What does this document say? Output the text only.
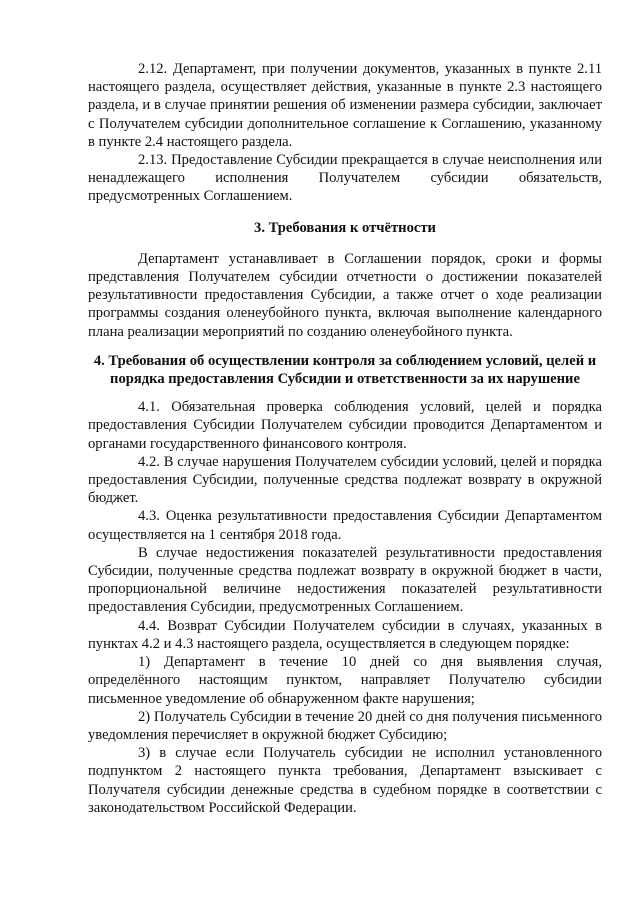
2.12. Департамент, при получении документов, указанных в пункте 2.11 настоящего раздела, осуществляет действия, указанные в пункте 2.3 настоящего раздела, и в случае принятии решения об изменении размера субсидии, заключает с Получателем субсидии дополнительное соглашение к Соглашению, указанному в пункте 2.4 настоящего раздела.

2.13. Предоставление Субсидии прекращается в случае неисполнения или ненадлежащего исполнения Получателем субсидии обязательств, предусмотренных Соглашением.

3. Требования к отчётности

Департамент устанавливает в Соглашении порядок, сроки и формы представления Получателем субсидии отчетности о достижении показателей результативности предоставления Субсидии, а также отчет о ходе реализации программы создания оленеубойного пункта, включая выполнение календарного плана реализации мероприятий по созданию оленеубойного пункта.

4. Требования об осуществлении контроля за соблюдением условий, целей и порядка предоставления Субсидии и ответственности за их нарушение

4.1. Обязательная проверка соблюдения условий, целей и порядка предоставления Субсидии Получателем субсидии проводится Департаментом и органами государственного финансового контроля.

4.2. В случае нарушения Получателем субсидии условий, целей и порядка предоставления Субсидии, полученные средства подлежат возврату в окружной бюджет.

4.3. Оценка результативности предоставления Субсидии Департаментом осуществляется на 1 сентября 2018 года.

В случае недостижения показателей результативности предоставления Субсидии, полученные средства подлежат возврату в окружной бюджет в части, пропорциональной величине недостижения показателей результативности предоставления Субсидии, предусмотренных Соглашением.

4.4. Возврат Субсидии Получателем субсидии в случаях, указанных в пунктах 4.2 и 4.3 настоящего раздела, осуществляется в следующем порядке:

1) Департамент в течение 10 дней со дня выявления случая, определённого настоящим пунктом, направляет Получателю субсидии письменное уведомление об обнаруженном факте нарушения;

2) Получатель Субсидии в течение 20 дней со дня получения письменного уведомления перечисляет в окружной бюджет Субсидию;

3) в случае если Получатель субсидии не исполнил установленного подпунктом 2 настоящего пункта требования, Департамент взыскивает с Получателя субсидии денежные средства в судебном порядке в соответствии с законодательством Российской Федерации.
